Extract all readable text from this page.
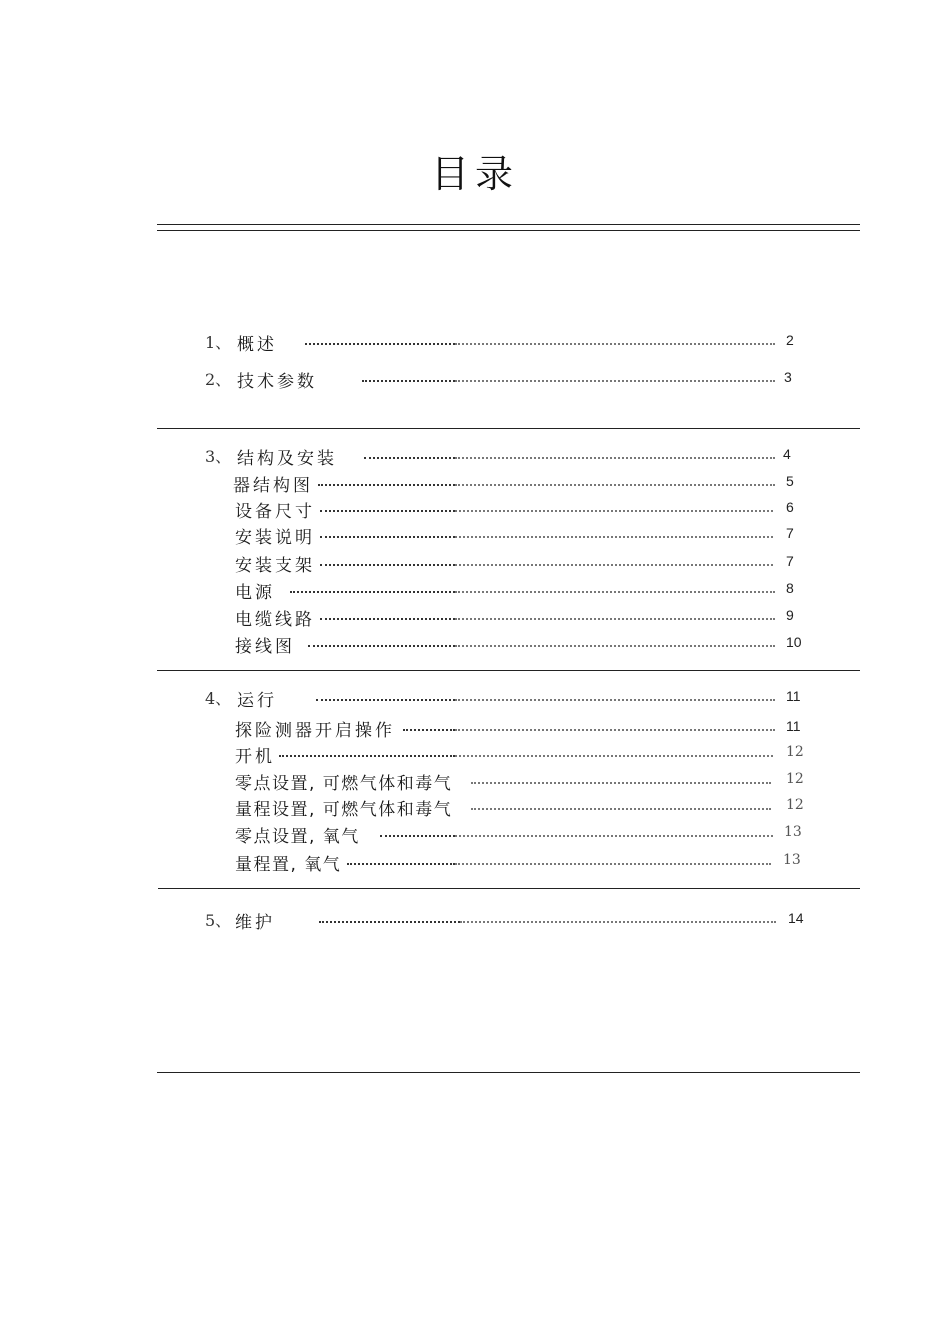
目录
1、 概述	2
2、 技术参数	3
3、 结构及安装	4
器结构图	5
设备尺寸	6
安装说明	7
安装支架	7
电源	8
电缆线路	9
接线图	10
4、 运行	11
探险测器开启操作	11
开机	12
零点设置, 可燃气体和毒气	12
量程设置, 可燃气体和毒气	12
零点设置, 氧气	13
量程置, 氧气	13
5、 维护	14
